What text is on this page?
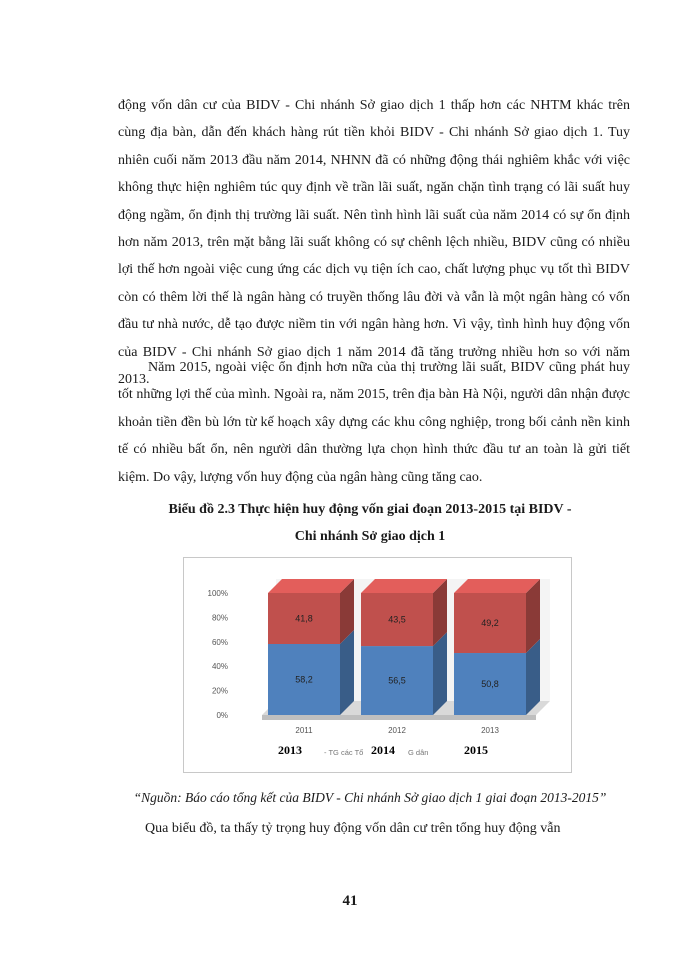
động vốn dân cư của BIDV - Chi nhánh Sở giao dịch 1 thấp hơn các NHTM khác trên cùng địa bàn, dẫn đến khách hàng rút tiền khỏi BIDV - Chi nhánh Sở giao dịch 1. Tuy nhiên cuối năm 2013 đầu năm 2014, NHNN đã có những động thái nghiêm khắc với việc không thực hiện nghiêm túc quy định về trần lãi suất, ngăn chặn tình trạng có lãi suất huy động ngầm, ổn định thị trường lãi suất. Nên tình hình lãi suất của năm 2014 có sự ổn định hơn năm 2013, trên mặt bằng lãi suất không có sự chênh lệch nhiều, BIDV cũng có nhiều lợi thế hơn ngoài việc cung ứng các dịch vụ tiện ích cao, chất lượng phục vụ tốt thì BIDV còn có thêm lời thế là ngân hàng có truyền thống lâu đời và vẫn là một ngân hàng có vốn đầu tư nhà nước, dễ tạo được niềm tin với ngân hàng hơn. Vì vậy, tình hình huy động vốn của BIDV - Chi nhánh Sở giao dịch 1 năm 2014 đã tăng trưởng nhiều hơn so với năm 2013.

Năm 2015, ngoài việc ổn định hơn nữa của thị trường lãi suất, BIDV cũng phát huy tốt những lợi thế của mình. Ngoài ra, năm 2015, trên địa bàn Hà Nội, người dân nhận được khoản tiền đền bù lớn từ kế hoạch xây dựng các khu công nghiệp, trong bối cảnh nền kinh tế có nhiều bất ổn, nên người dân thường lựa chọn hình thức đầu tư an toàn là gửi tiết kiệm. Do vậy, lượng vốn huy động của ngân hàng cũng tăng cao.

Biểu đồ 2.3 Thực hiện huy động vốn giai đoạn 2013-2015 tại BIDV -

Chi nhánh Sở giao dịch 1

0%
20%
40%
60%
80%
100%
58,2
41,8
2011
2013
56,5
43,5
2012
2014
50,8
49,2
2013
2015
- TG các Tổ	G dân

“Nguồn: Báo cáo tổng kết của BIDV - Chi nhánh Sở giao dịch 1 giai đoạn 2013-2015”

Qua biểu đồ, ta thấy tỷ trọng huy động vốn dân cư trên tổng huy động vẫn

41
